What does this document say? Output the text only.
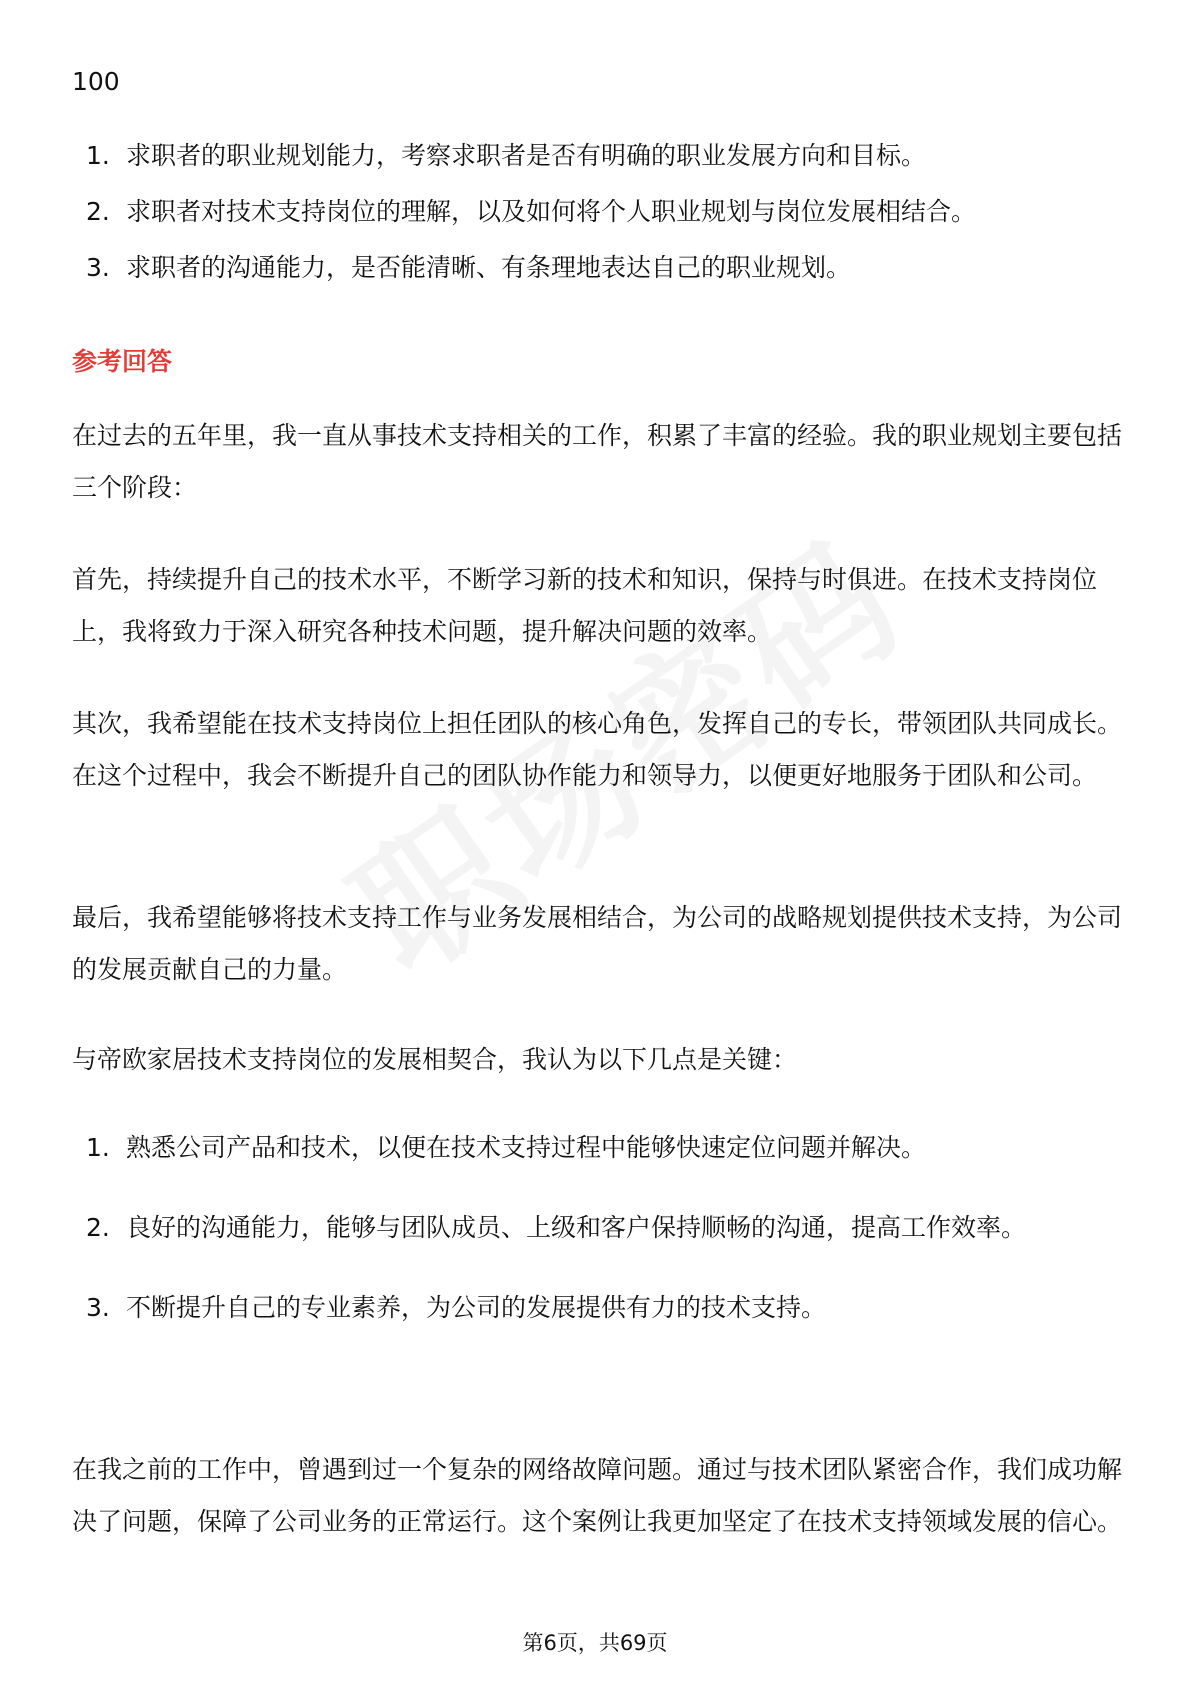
100
1. 求职者的职业规划能力，考察求职者是否有明确的职业发展方向和目标。
2. 求职者对技术支持岗位的理解，以及如何将个人职业规划与岗位发展相结合。
3. 求职者的沟通能力，是否能清晰、有条理地表达自己的职业规划。
参考回答
在过去的五年里，我一直从事技术支持相关的工作，积累了丰富的经验。我的职业规划主要包括三个阶段：
首先，持续提升自己的技术水平，不断学习新的技术和知识，保持与时俱进。在技术支持岗位上，我将致力于深入研究各种技术问题，提升解决问题的效率。
其次，我希望能在技术支持岗位上担任团队的核心角色，发挥自己的专长，带领团队共同成长。在这个过程中，我会不断提升自己的团队协作能力和领导力，以便更好地服务于团队和公司。
最后，我希望能够将技术支持工作与业务发展相结合，为公司的战略规划提供技术支持，为公司的发展贡献自己的力量。
与帝欧家居技术支持岗位的发展相契合，我认为以下几点是关键：
1. 熟悉公司产品和技术，以便在技术支持过程中能够快速定位问题并解决。
2. 良好的沟通能力，能够与团队成员、上级和客户保持顺畅的沟通，提高工作效率。
3. 不断提升自己的专业素养，为公司的发展提供有力的技术支持。
在我之前的工作中，曾遇到过一个复杂的网络故障问题。通过与技术团队紧密合作，我们成功解决了问题，保障了公司业务的正常运行。这个案例让我更加坚定了在技术支持领域发展的信心。
第6页，共69页
